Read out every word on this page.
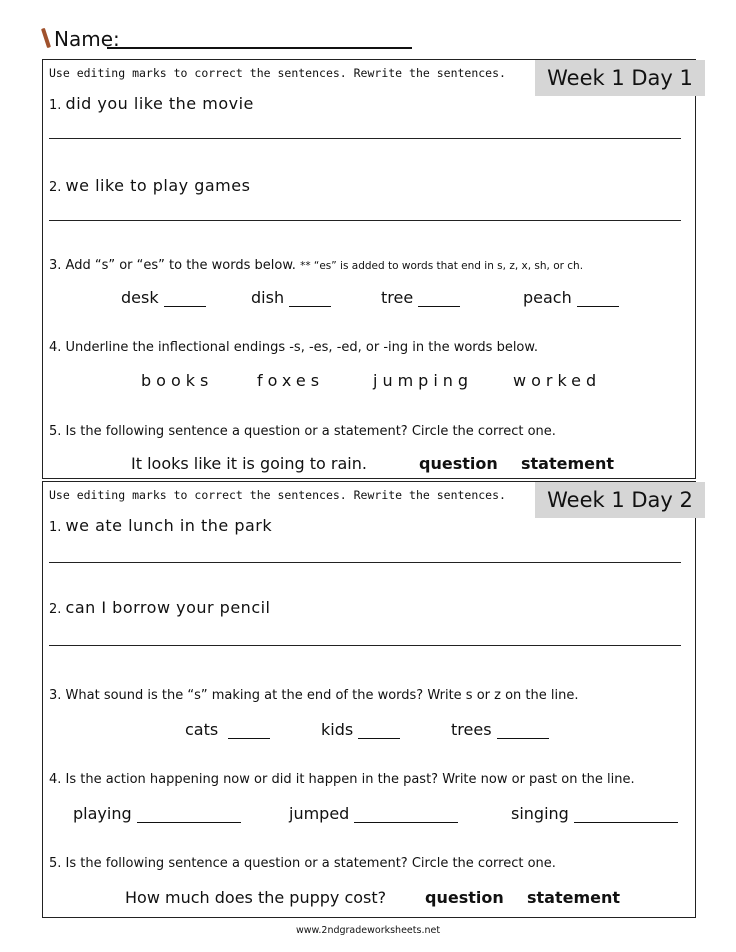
Name:
Use editing marks to correct the sentences. Rewrite the sentences.	Week 1 Day 1
1. did you like the movie
2. we like to play games
3. Add “s” or “es” to the words below. ** “es” is added to words that end in s, z, x, sh, or ch.
desk	dish	tree	peach
4. Underline the inflectional endings -s, -es, -ed, or -ing in the words below.
books	foxes	jumping worked
5. Is the following sentence a question or a statement? Circle the correct one.
It looks like it is going to rain.	question statement
Use editing marks to correct the sentences. Rewrite the sentences.	Week 1 Day 2
1. we ate lunch in the park
2. can I borrow your pencil
3. What sound is the “s” making at the end of the words? Write s or z on the line.
cats	kids	trees
4. Is the action happening now or did it happen in the past? Write now or past on the line.
playing	jumped	singing
5. Is the following sentence a question or a statement? Circle the correct one.
How much does the puppy cost? question statement
www.2ndgradeworksheets.net
